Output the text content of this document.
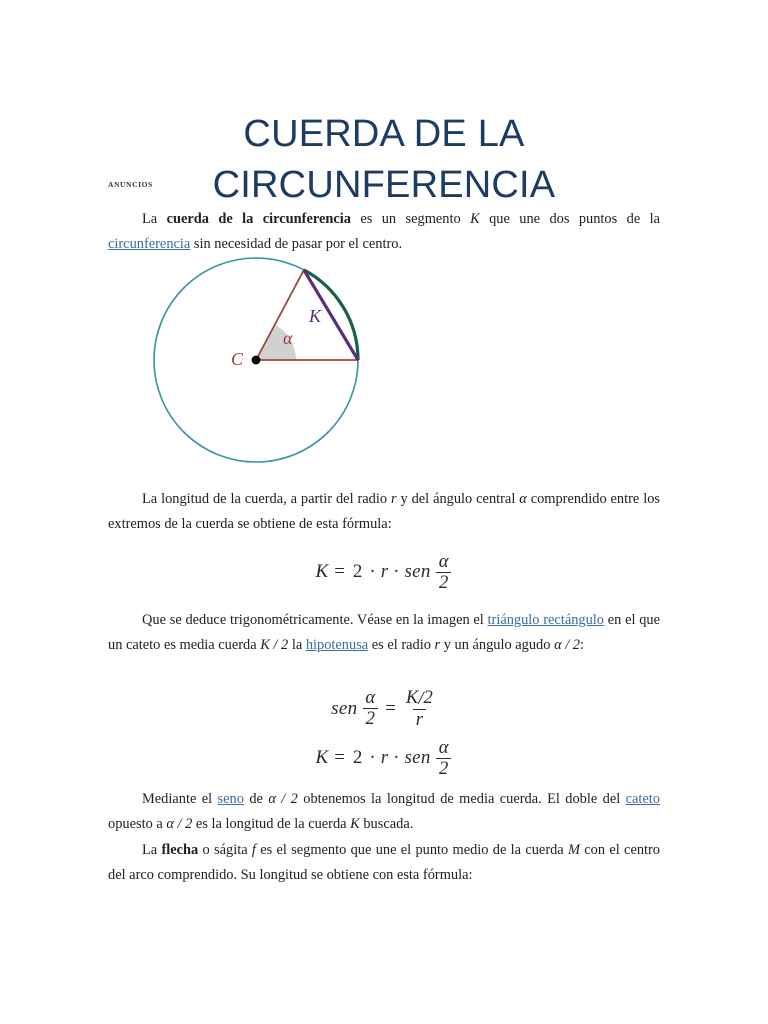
CUERDA DE LA
CIRCUNFERENCIA
ANUNCIOS

La cuerda de la circunferencia es un segmento K que une dos puntos de la circunferencia sin necesidad de pasar por el centro.

C
α
K

La longitud de la cuerda, a partir del radio r y del ángulo central α comprendido entre los extremos de la cuerda se obtiene de esta fórmula:

K = 2 · r · sen $\frac{\alpha}{2}$

Que se deduce trigonométricamente. Véase en la imagen el triángulo rectángulo en el que un cateto es media cuerda K / 2 la hipotenusa es el radio r y un ángulo agudo α / 2:

sen $\frac{\alpha}{2} = \frac{K/2}{r}$
K = 2 · r · sen $\frac{\alpha}{2}$

Mediante el seno de α / 2 obtenemos la longitud de media cuerda. El doble del cateto opuesto a α / 2 es la longitud de la cuerda K buscada.

La flecha o ságita f es el segmento que une el punto medio de la cuerda M con el centro del arco comprendido. Su longitud se obtiene con esta fórmula:
